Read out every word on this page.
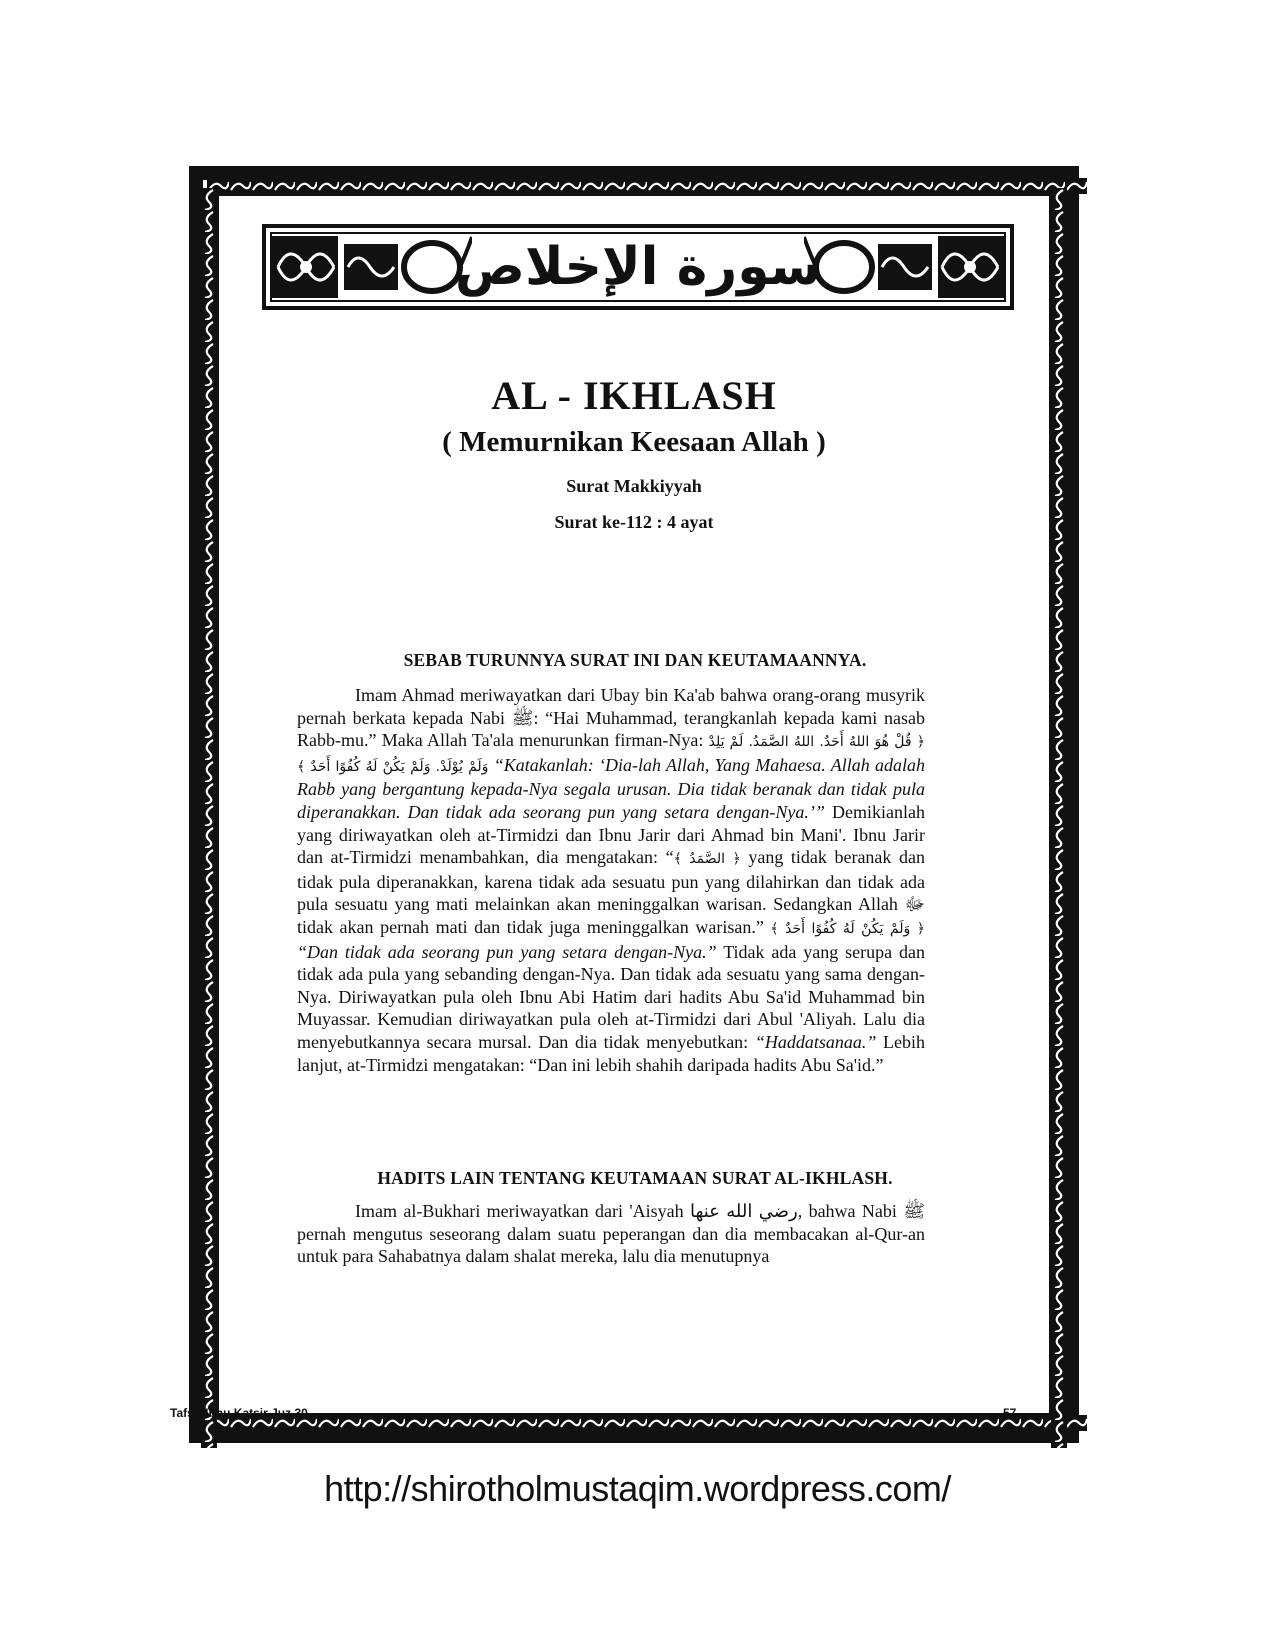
سورة الإخلاص
AL - IKHLASH
( Memurnikan Keesaan Allah )
Surat Makkiyyah
Surat ke-112 : 4 ayat
SEBAB TURUNNYA SURAT INI DAN KEUTAMAANNYA.

Imam Ahmad meriwayatkan dari Ubay bin Ka'ab bahwa orang-orang musyrik pernah berkata kepada Nabi ﷺ: “Hai Muhammad, terangkanlah kepada kami nasab Rabb-mu.” Maka Allah Ta'ala menurunkan firman-Nya: ﴿ قُلْ هُوَ اللهُ أَحَدٌ. اللهُ الصَّمَدُ. لَمْ يَلِدْ وَلَمْ يُوْلَدْ. وَلَمْ يَكُنْ لَهُ كُفُوًا أَحَدٌ ﴾ “Katakanlah: ‘Dia-lah Allah, Yang Mahaesa. Allah adalah Rabb yang bergantung kepada-Nya segala urusan. Dia tidak beranak dan tidak pula diperanakkan. Dan tidak ada seorang pun yang setara dengan-Nya.’” Demikianlah yang diriwayatkan oleh at-Tirmidzi dan Ibnu Jarir dari Ahmad bin Mani'. Ibnu Jarir dan at-Tirmidzi menambahkan, dia mengatakan: “﴿ الصَّمَدُ ﴾ yang tidak beranak dan tidak pula diperanakkan, karena tidak ada sesuatu pun yang dilahirkan dan tidak ada pula sesuatu yang mati melainkan akan meninggalkan warisan. Sedangkan Allah ﷻ tidak akan pernah mati dan tidak juga meninggalkan warisan.” ﴿ وَلَمْ يَكُنْ لَهُ كُفُوًا أَحَدٌ ﴾ “Dan tidak ada seorang pun yang setara dengan-Nya.” Tidak ada yang serupa dan tidak ada pula yang sebanding dengan-Nya. Dan tidak ada sesuatu yang sama dengan-Nya. Diriwayatkan pula oleh Ibnu Abi Hatim dari hadits Abu Sa'id Muhammad bin Muyassar. Kemudian diriwayatkan pula oleh at-Tirmidzi dari Abul 'Aliyah. Lalu dia menyebutkannya secara mursal. Dan dia tidak menyebutkan: “Haddatsanaa.” Lebih lanjut, at-Tirmidzi mengatakan: “Dan ini lebih shahih daripada hadits Abu Sa'id.”

HADITS LAIN TENTANG KEUTAMAAN SURAT AL-IKHLASH.

Imam al-Bukhari meriwayatkan dari 'Aisyah رضي الله عنها, bahwa Nabi ﷺ pernah mengutus seseorang dalam suatu peperangan dan dia membacakan al-Qur-an untuk para Sahabatnya dalam shalat mereka, lalu dia menutupnya

Tafsir Ibnu Katsir Juz 30	57
http://shirotholmustaqim.wordpress.com/
